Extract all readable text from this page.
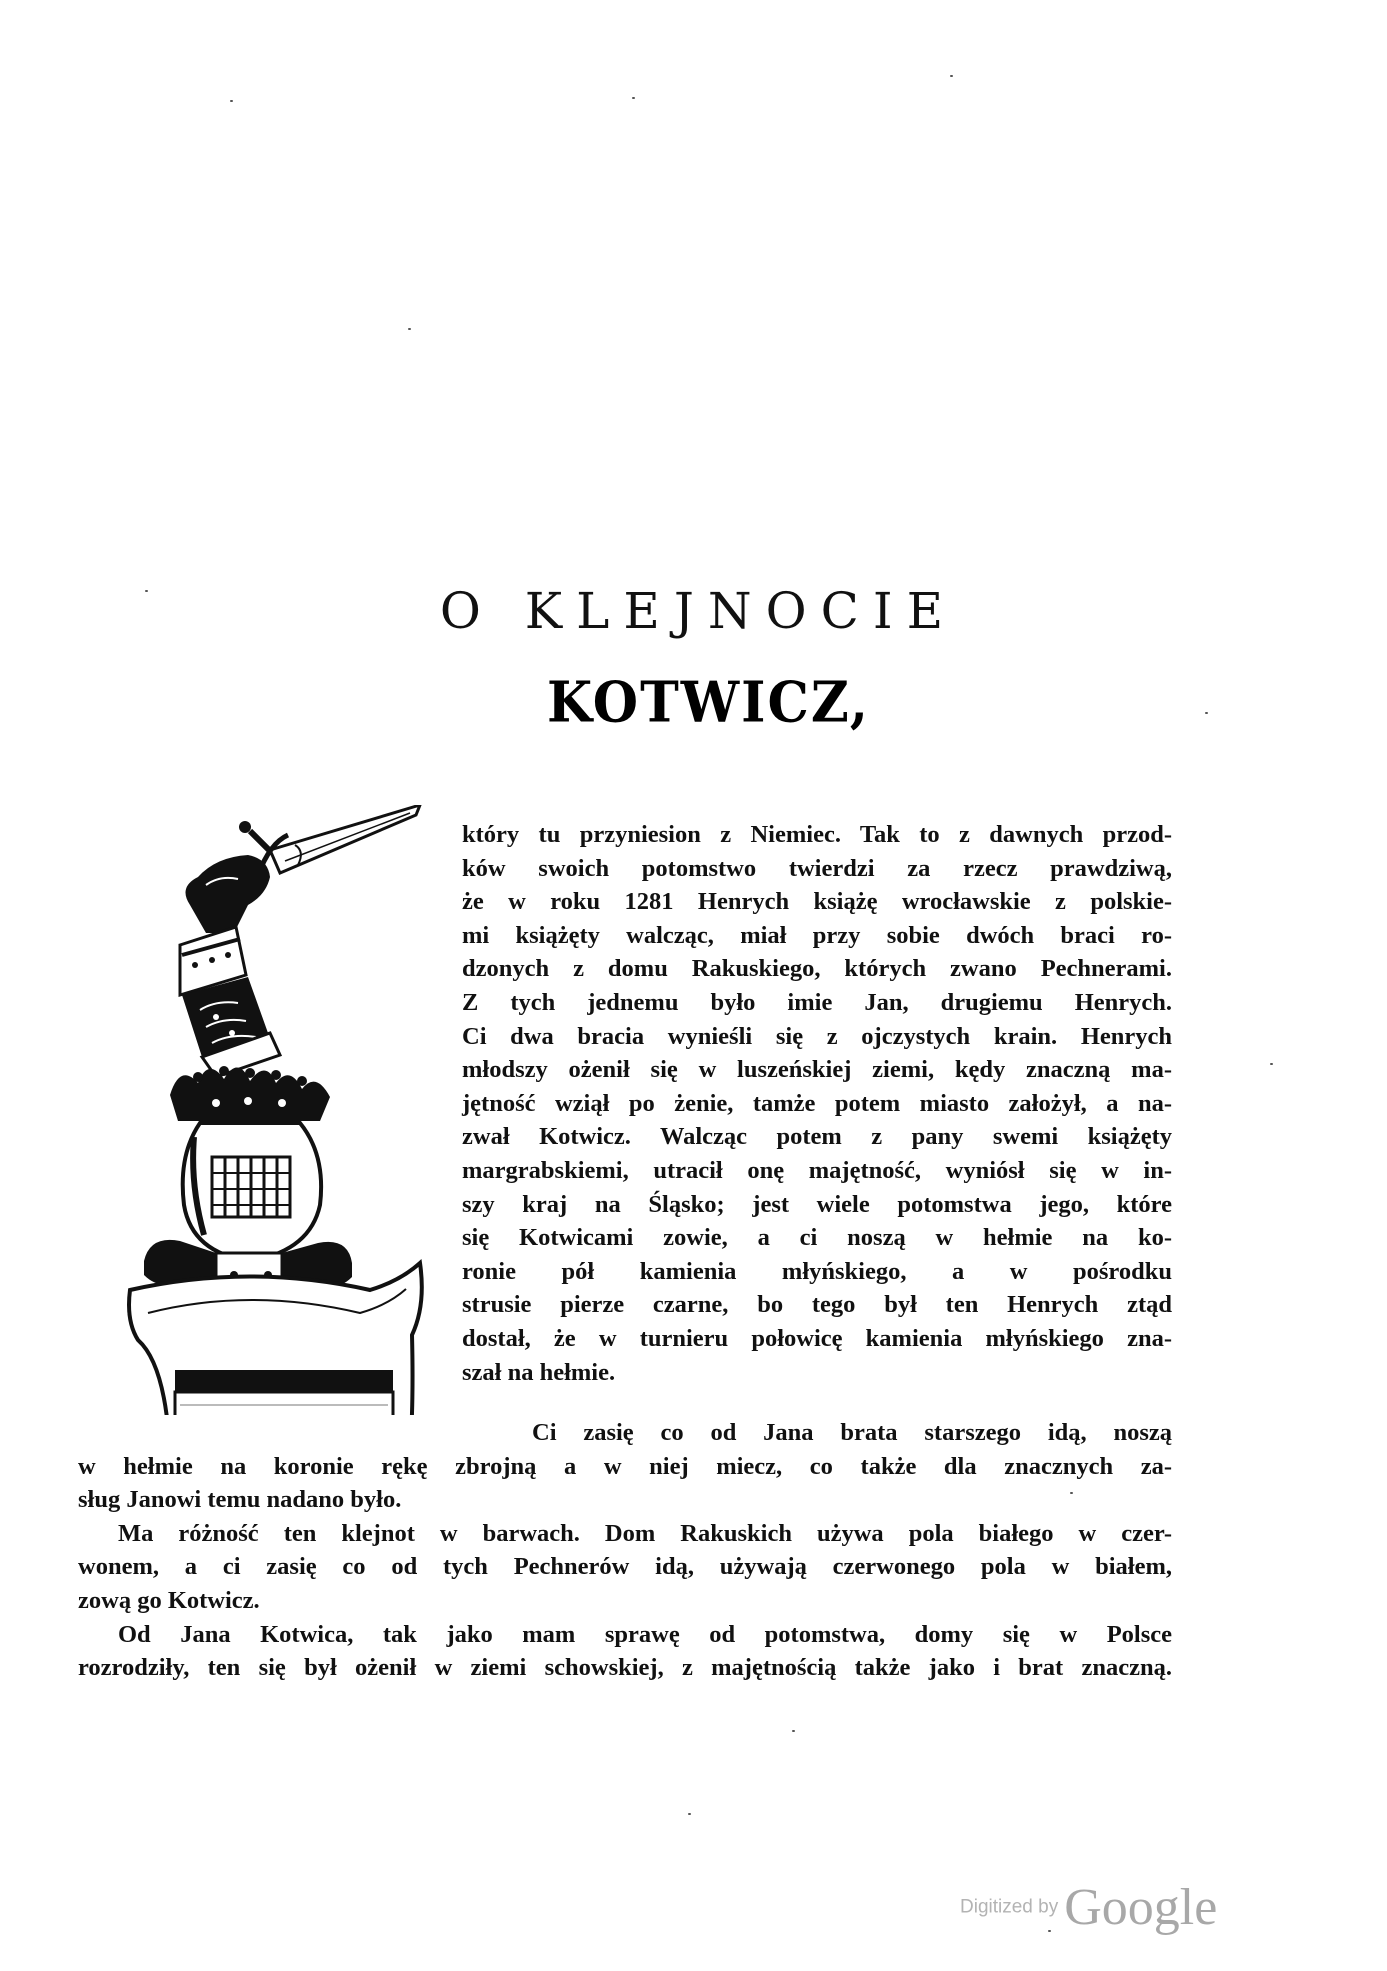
O KLEJNOCIE
KOTWICZ,
który tu przyniesion z Niemiec. Tak to z dawnych przod-
ków swoich potomstwo twierdzi za rzecz prawdziwą,
że w roku 1281 Henrych książę wrocławskie z polskie-
mi książęty walcząc, miał przy sobie dwóch braci ro-
dzonych z domu Rakuskiego, których zwano Pechnerami.
Z tych jednemu było imie Jan, drugiemu Henrych.
Ci dwa bracia wynieśli się z ojczystych krain. Henrych
młodszy ożenił się w luszeńskiej ziemi, kędy znaczną ma-
jętność wziął po żenie, tamże potem miasto założył, a na-
zwał Kotwicz. Walcząc potem z pany swemi książęty
margrabskiemi, utracił onę majętność, wyniósł się w in-
szy kraj na Śląsko; jest wiele potomstwa jego, które
się Kotwicami zowie, a ci noszą w hełmie na ko-
ronie pół kamienia młyńskiego, a w pośrodku
strusie pierze czarne, bo tego był ten Henrych ztąd
dostał, że w turnieru połowicę kamienia młyńskiego zna-
szał na hełmie.
Ci zasię co od Jana brata starszego idą, noszą
w hełmie na koronie rękę zbrojną a w niej miecz, co także dla znacznych za-
sług Janowi temu nadano było.
Ma różność ten klejnot w barwach. Dom Rakuskich używa pola białego w czer-
wonem, a ci zasię co od tych Pechnerów idą, używają czerwonego pola w białem,
zową go Kotwicz.
Od Jana Kotwica, tak jako mam sprawę od potomstwa, domy się w Polsce
rozrodziły, ten się był ożenił w ziemi schowskiej, z majętnością także jako i brat znaczną.
Digitized by Google
